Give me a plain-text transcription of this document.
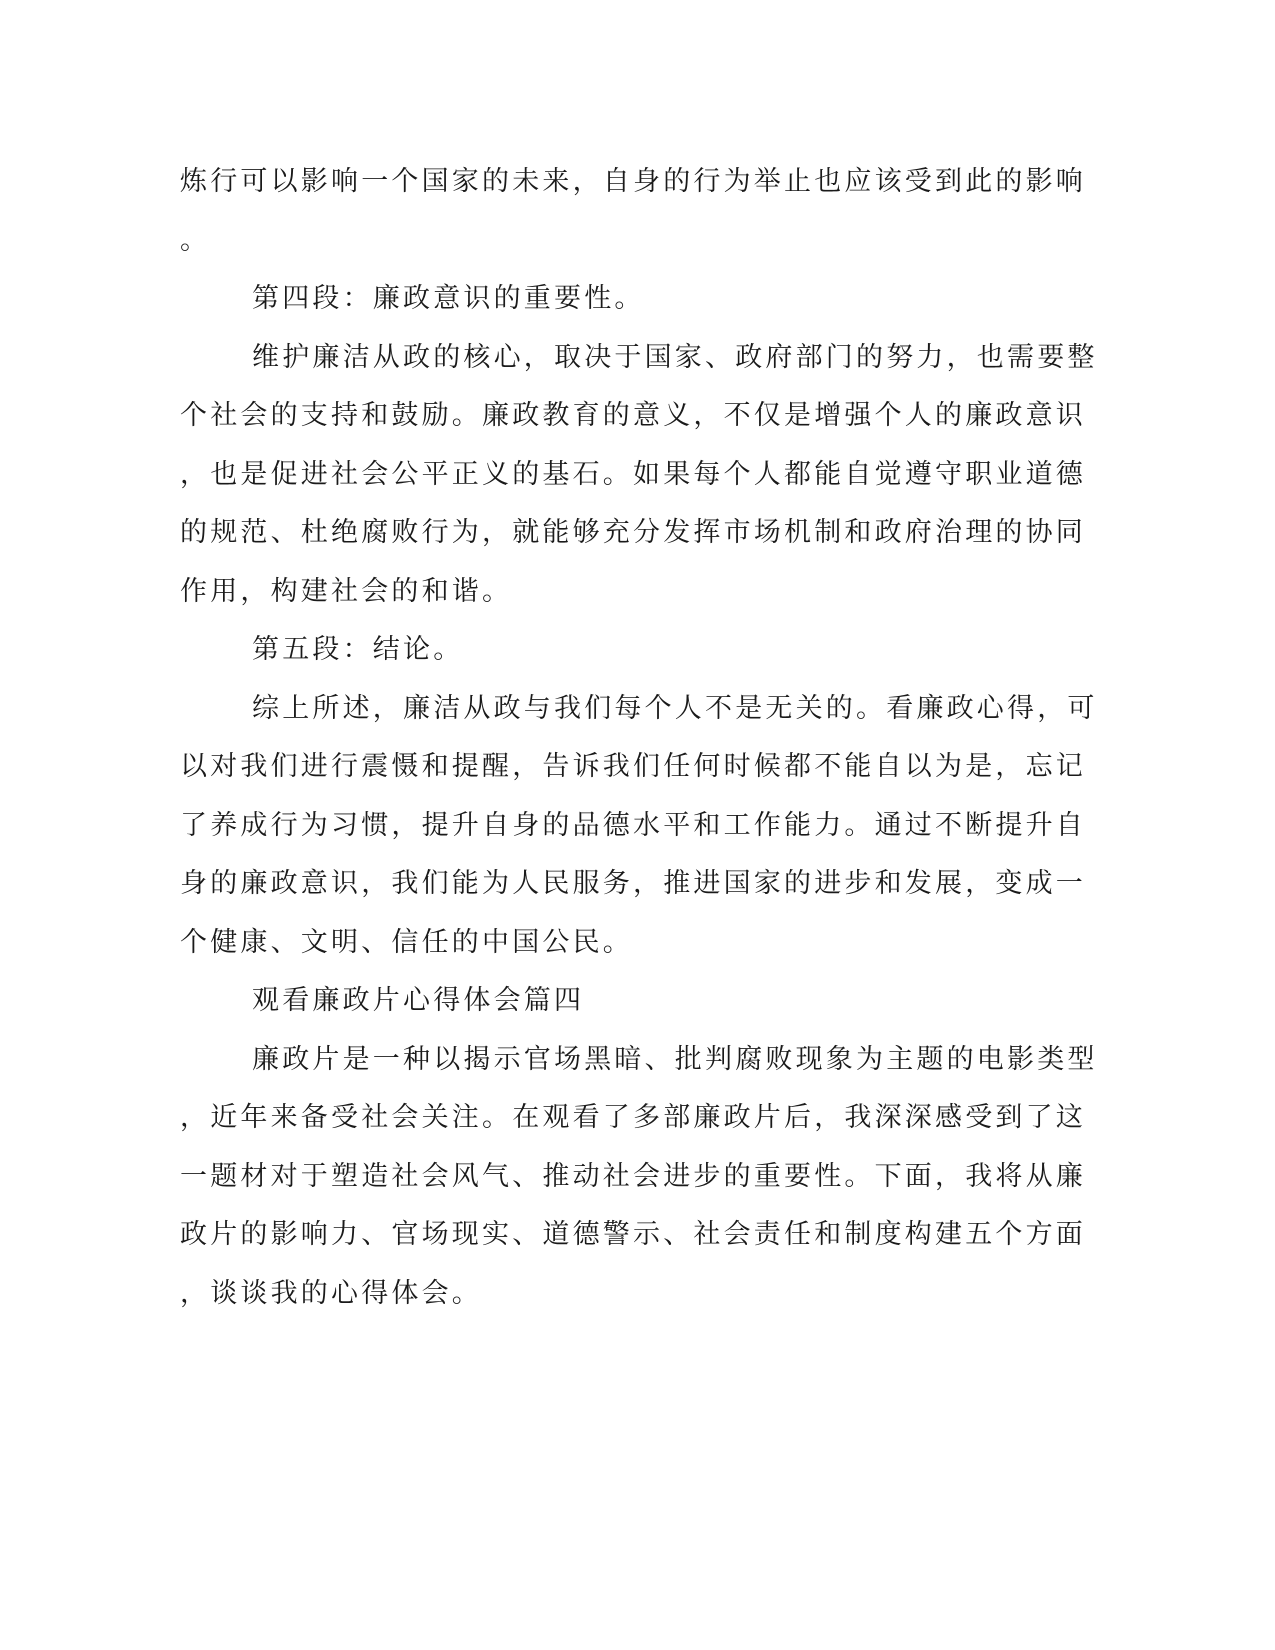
炼行可以影响一个国家的未来，自身的行为举止也应该受到此的影响

。

第四段：廉政意识的重要性。

维护廉洁从政的核心，取决于国家、政府部门的努力，也需要整

个社会的支持和鼓励。廉政教育的意义，不仅是增强个人的廉政意识

，也是促进社会公平正义的基石。如果每个人都能自觉遵守职业道德

的规范、杜绝腐败行为，就能够充分发挥市场机制和政府治理的协同

作用，构建社会的和谐。

第五段：结论。

综上所述，廉洁从政与我们每个人不是无关的。看廉政心得，可

以对我们进行震慑和提醒，告诉我们任何时候都不能自以为是，忘记

了养成行为习惯，提升自身的品德水平和工作能力。通过不断提升自

身的廉政意识，我们能为人民服务，推进国家的进步和发展，变成一

个健康、文明、信任的中国公民。

观看廉政片心得体会篇四

廉政片是一种以揭示官场黑暗、批判腐败现象为主题的电影类型

，近年来备受社会关注。在观看了多部廉政片后，我深深感受到了这

一题材对于塑造社会风气、推动社会进步的重要性。下面，我将从廉

政片的影响力、官场现实、道德警示、社会责任和制度构建五个方面

，谈谈我的心得体会。
